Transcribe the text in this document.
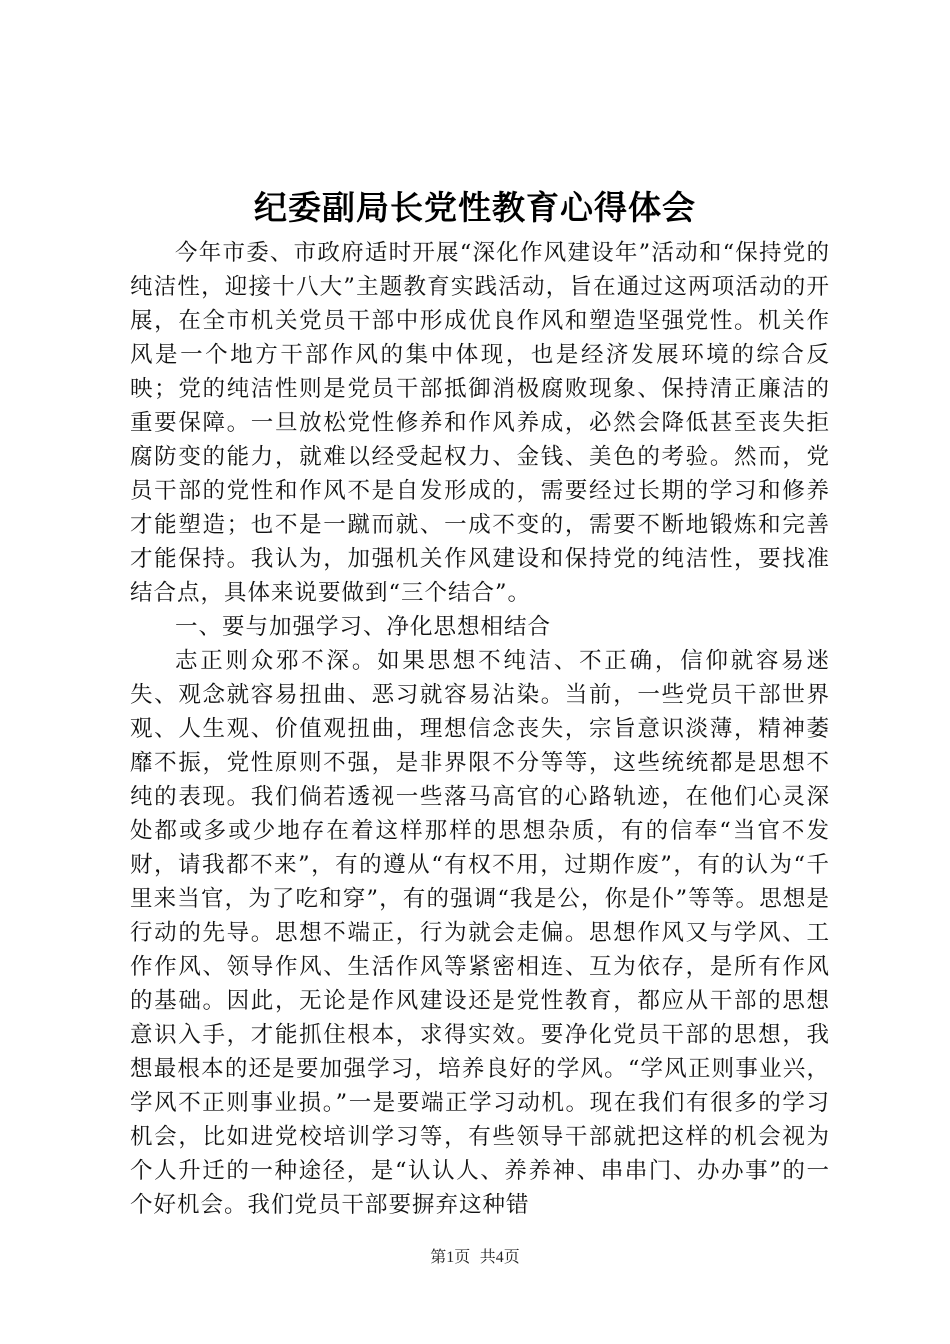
纪委副局长党性教育心得体会

今年市委、市政府适时开展“深化作风建设年”活动和“保持党的纯洁性，迎接十八大”主题教育实践活动，旨在通过这两项活动的开展，在全市机关党员干部中形成优良作风和塑造坚强党性。机关作风是一个地方干部作风的集中体现，也是经济发展环境的综合反映；党的纯洁性则是党员干部抵御消极腐败现象、保持清正廉洁的重要保障。一旦放松党性修养和作风养成，必然会降低甚至丧失拒腐防变的能力，就难以经受起权力、金钱、美色的考验。然而，党员干部的党性和作风不是自发形成的，需要经过长期的学习和修养才能塑造；也不是一蹴而就、一成不变的，需要不断地锻炼和完善才能保持。我认为，加强机关作风建设和保持党的纯洁性，要找准结合点，具体来说要做到“三个结合”。

一、要与加强学习、净化思想相结合

志正则众邪不深。如果思想不纯洁、不正确，信仰就容易迷失、观念就容易扭曲、恶习就容易沾染。当前，一些党员干部世界观、人生观、价值观扭曲，理想信念丧失，宗旨意识淡薄，精神萎靡不振，党性原则不强，是非界限不分等等，这些统统都是思想不纯的表现。我们倘若透视一些落马高官的心路轨迹，在他们心灵深处都或多或少地存在着这样那样的思想杂质，有的信奉“当官不发财，请我都不来”，有的遵从“有权不用，过期作废”，有的认为“千里来当官，为了吃和穿”，有的强调“我是公，你是仆”等等。思想是行动的先导。思想不端正，行为就会走偏。思想作风又与学风、工作作风、领导作风、生活作风等紧密相连、互为依存，是所有作风的基础。因此，无论是作风建设还是党性教育，都应从干部的思想意识入手，才能抓住根本，求得实效。要净化党员干部的思想，我想最根本的还是要加强学习，培养良好的学风。“学风正则事业兴，学风不正则事业损。”一是要端正学习动机。现在我们有很多的学习机会，比如进党校培训学习等，有些领导干部就把这样的机会视为个人升迁的一种途径，是“认认人、养养神、串串门、办办事”的一个好机会。我们党员干部要摒弃这种错

第1页 共4页
